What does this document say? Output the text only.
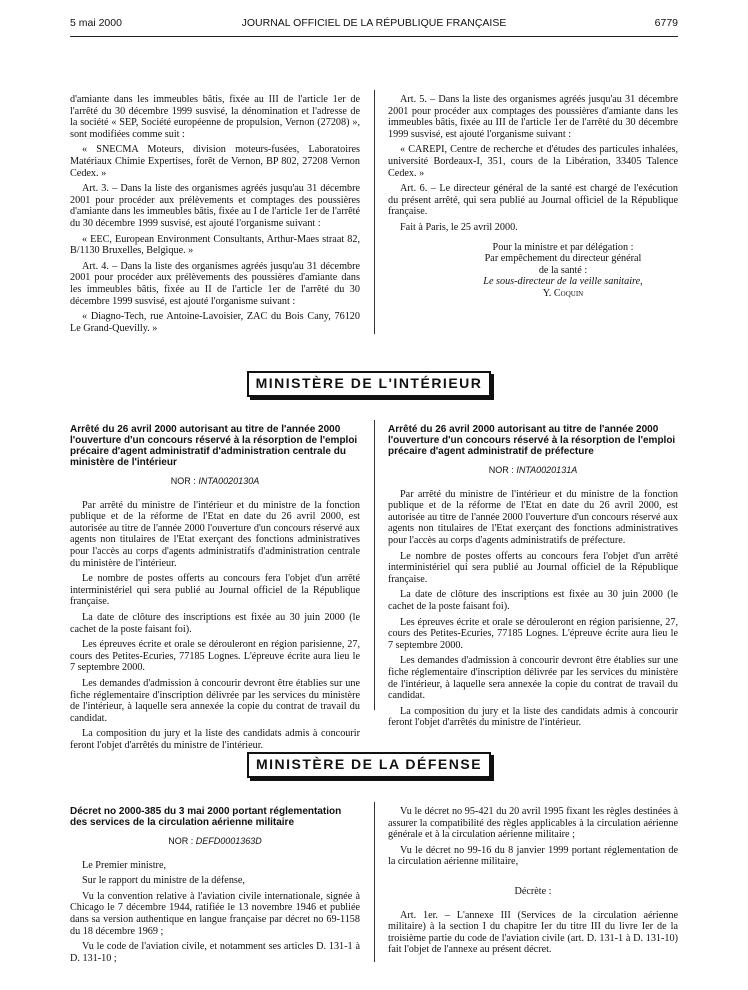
5 mai 2000	JOURNAL OFFICIEL DE LA RÉPUBLIQUE FRANÇAISE	6779

d'amiante dans les immeubles bâtis, fixée au III de l'article 1er de l'arrêté du 30 décembre 1999 susvisé, la dénomination et l'adresse de la société « SEP, Société européenne de propulsion, Vernon (27208) », sont modifiées comme suit :

« SNECMA Moteurs, division moteurs-fusées, Laboratoires Matériaux Chimie Expertises, forêt de Vernon, BP 802, 27208 Vernon Cedex. »

Art. 3. – Dans la liste des organismes agréés jusqu'au 31 décembre 2001 pour procéder aux prélèvements et comptages des poussières d'amiante dans les immeubles bâtis, fixée au I de l'article 1er de l'arrêté du 30 décembre 1999 susvisé, est ajouté l'organisme suivant :

« EEC, European Environment Consultants, Arthur-Maes straat 82, B/1130 Bruxelles, Belgique. »

Art. 4. – Dans la liste des organismes agréés jusqu'au 31 décembre 2001 pour procéder aux prélèvements des poussières d'amiante dans les immeubles bâtis, fixée au II de l'article 1er de l'arrêté du 30 décembre 1999 susvisé, est ajouté l'organisme suivant :

« Diagno-Tech, rue Antoine-Lavoisier, ZAC du Bois Cany, 76120 Le Grand-Quevilly. »

Art. 5. – Dans la liste des organismes agréés jusqu'au 31 décembre 2001 pour procéder aux comptages des poussières d'amiante dans les immeubles bâtis, fixée au III de l'article 1er de l'arrêté du 30 décembre 1999 susvisé, est ajouté l'organisme suivant :

« CAREPI, Centre de recherche et d'études des particules inhalées, université Bordeaux-I, 351, cours de la Libération, 33405 Talence Cedex. »

Art. 6. – Le directeur général de la santé est chargé de l'exécution du présent arrêté, qui sera publié au Journal officiel de la République française.

Fait à Paris, le 25 avril 2000.

Pour la ministre et par délégation :
Par empêchement du directeur général
de la santé :
Le sous-directeur de la veille sanitaire,
Y. Coquin
MINISTÈRE DE L'INTÉRIEUR
Arrêté du 26 avril 2000 autorisant au titre de l'année 2000 l'ouverture d'un concours réservé à la résorption de l'emploi précaire d'agent administratif d'administration centrale du ministère de l'intérieur
NOR : INTA0020130A

Par arrêté du ministre de l'intérieur et du ministre de la fonction publique et de la réforme de l'Etat en date du 26 avril 2000, est autorisée au titre de l'année 2000 l'ouverture d'un concours réservé aux agents non titulaires de l'Etat exerçant des fonctions administratives pour l'accès au corps d'agents administratifs d'administration centrale du ministère de l'intérieur.

Le nombre de postes offerts au concours fera l'objet d'un arrêté interministériel qui sera publié au Journal officiel de la République française.

La date de clôture des inscriptions est fixée au 30 juin 2000 (le cachet de la poste faisant foi).

Les épreuves écrite et orale se dérouleront en région parisienne, 27, cours des Petites-Ecuries, 77185 Lognes. L'épreuve écrite aura lieu le 7 septembre 2000.

Les demandes d'admission à concourir devront être établies sur une fiche réglementaire d'inscription délivrée par les services du ministère de l'intérieur, à laquelle sera annexée la copie du contrat de travail du candidat.

La composition du jury et la liste des candidats admis à concourir feront l'objet d'arrêtés du ministre de l'intérieur.

Arrêté du 26 avril 2000 autorisant au titre de l'année 2000 l'ouverture d'un concours réservé à la résorption de l'emploi précaire d'agent administratif de préfecture
NOR : INTA0020131A

Par arrêté du ministre de l'intérieur et du ministre de la fonction publique et de la réforme de l'Etat en date du 26 avril 2000, est autorisée au titre de l'année 2000 l'ouverture d'un concours réservé aux agents non titulaires de l'Etat exerçant des fonctions administratives pour l'accès au corps d'agents administratifs de préfecture.

Le nombre de postes offerts au concours fera l'objet d'un arrêté interministériel qui sera publié au Journal officiel de la République française.

La date de clôture des inscriptions est fixée au 30 juin 2000 (le cachet de la poste faisant foi).

Les épreuves écrite et orale se dérouleront en région parisienne, 27, cours des Petites-Ecuries, 77185 Lognes. L'épreuve écrite aura lieu le 7 septembre 2000.

Les demandes d'admission à concourir devront être établies sur une fiche réglementaire d'inscription délivrée par les services du ministère de l'intérieur, à laquelle sera annexée la copie du contrat de travail du candidat.

La composition du jury et la liste des candidats admis à concourir feront l'objet d'arrêtés du ministre de l'intérieur.

MINISTÈRE DE LA DÉFENSE
Décret no 2000-385 du 3 mai 2000 portant réglementation des services de la circulation aérienne militaire
NOR : DEFD0001363D

Le Premier ministre,

Sur le rapport du ministre de la défense,

Vu la convention relative à l'aviation civile internationale, signée à Chicago le 7 décembre 1944, ratifiée le 13 novembre 1946 et publiée dans sa version authentique en langue française par décret no 69-1158 du 18 décembre 1969 ;

Vu le code de l'aviation civile, et notamment ses articles D. 131-1 à D. 131-10 ;

Vu le décret no 95-421 du 20 avril 1995 fixant les règles destinées à assurer la compatibilité des règles applicables à la circulation aérienne générale et à la circulation aérienne militaire ;

Vu le décret no 99-16 du 8 janvier 1999 portant réglementation de la circulation aérienne militaire,

Décrète :

Art. 1er. – L'annexe III (Services de la circulation aérienne militaire) à la section I du chapitre Ier du titre III du livre Ier de la troisième partie du code de l'aviation civile (art. D. 131-1 à D. 131-10) fait l'objet de l'annexe au présent décret.
